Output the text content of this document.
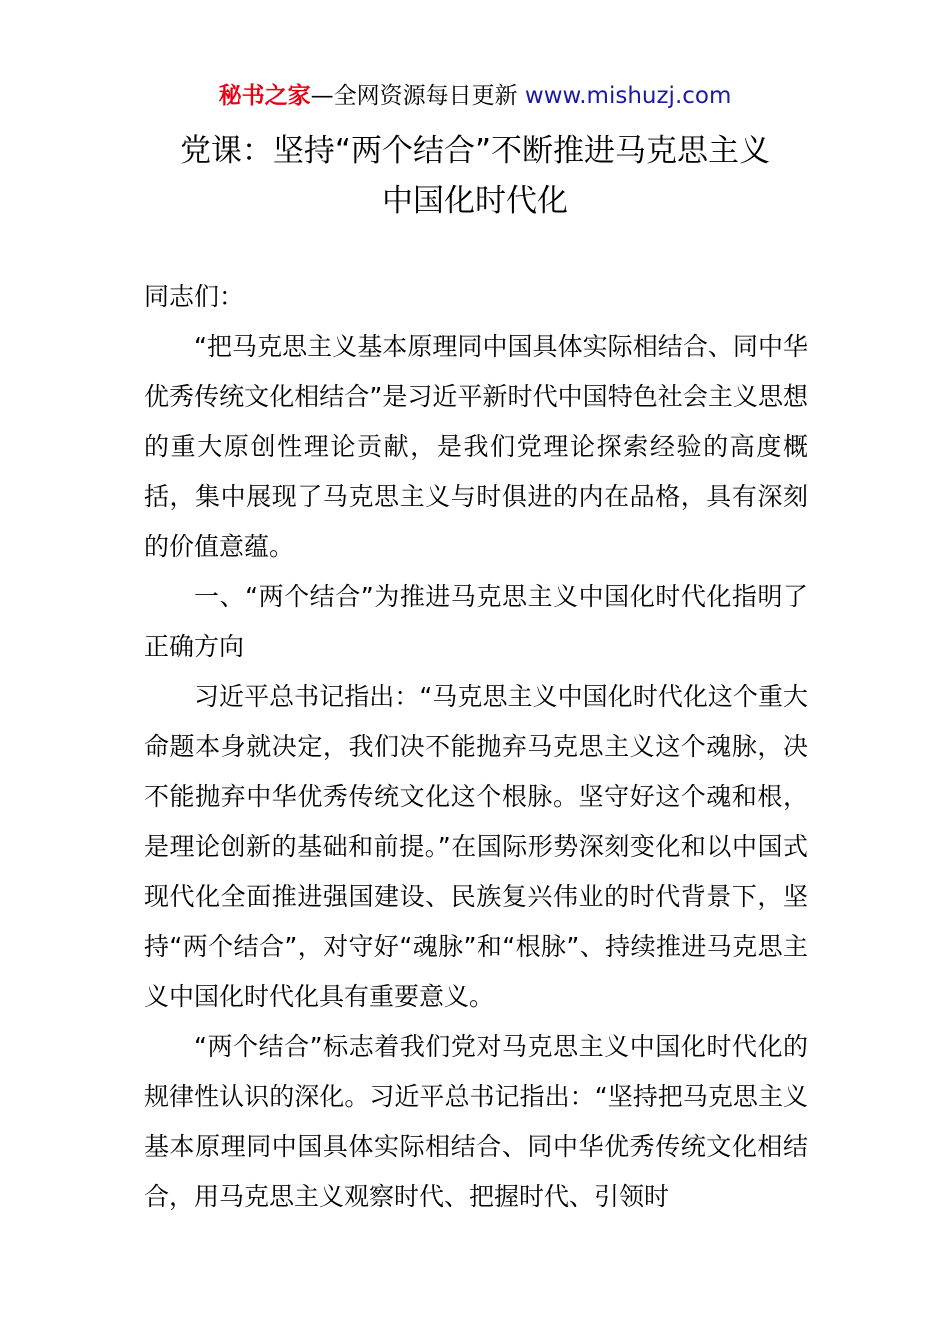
秘书之家—全网资源每日更新 www.mishuzj.com
党课：坚持“两个结合”不断推进马克思主义
中国化时代化

同志们：

“把马克思主义基本原理同中国具体实际相结合、同中华优秀传统文化相结合”是习近平新时代中国特色社会主义思想的重大原创性理论贡献，是我们党理论探索经验的高度概括，集中展现了马克思主义与时俱进的内在品格，具有深刻的价值意蕴。

一、“两个结合”为推进马克思主义中国化时代化指明了正确方向

习近平总书记指出：“马克思主义中国化时代化这个重大命题本身就决定，我们决不能抛弃马克思主义这个魂脉，决不能抛弃中华优秀传统文化这个根脉。坚守好这个魂和根，是理论创新的基础和前提。”在国际形势深刻变化和以中国式现代化全面推进强国建设、民族复兴伟业的时代背景下，坚持“两个结合”，对守好“魂脉”和“根脉”、持续推进马克思主义中国化时代化具有重要意义。

“两个结合”标志着我们党对马克思主义中国化时代化的规律性认识的深化。习近平总书记指出：“坚持把马克思主义基本原理同中国具体实际相结合、同中华优秀传统文化相结合，用马克思主义观察时代、把握时代、引领时
